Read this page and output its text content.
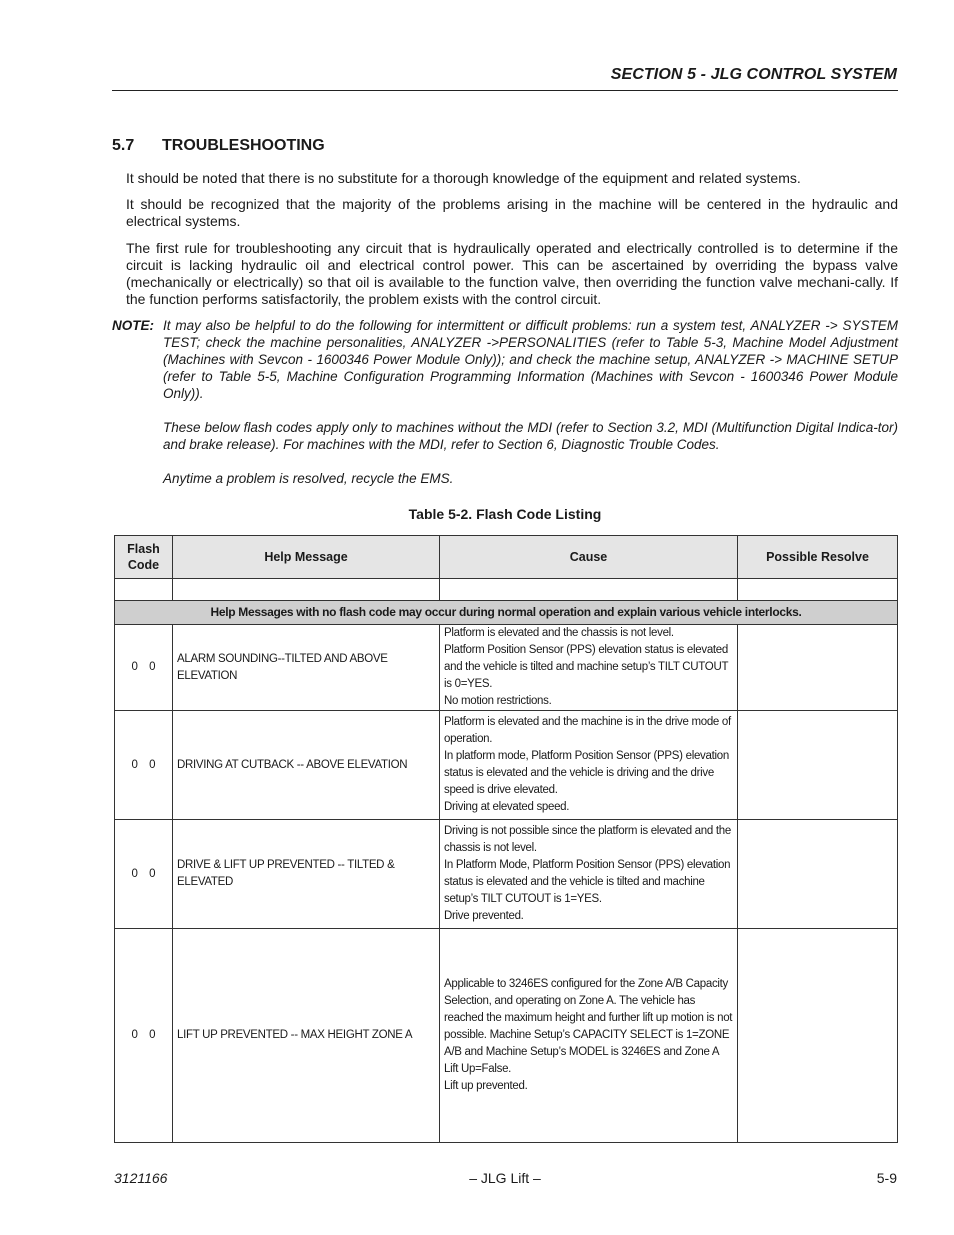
SECTION 5 - JLG CONTROL SYSTEM
5.7 TROUBLESHOOTING
It should be noted that there is no substitute for a thorough knowledge of the equipment and related systems.
It should be recognized that the majority of the problems arising in the machine will be centered in the hydraulic and electrical systems.
The first rule for troubleshooting any circuit that is hydraulically operated and electrically controlled is to determine if the circuit is lacking hydraulic oil and electrical control power. This can be ascertained by overriding the bypass valve (mechanically or electrically) so that oil is available to the function valve, then overriding the function valve mechani-cally. If the function performs satisfactorily, the problem exists with the control circuit.
NOTE: It may also be helpful to do the following for intermittent or difficult problems: run a system test, ANALYZER -> SYSTEM TEST; check the machine personalities, ANALYZER ->PERSONALITIES (refer to Table 5-3, Machine Model Adjustment (Machines with Sevcon - 1600346 Power Module Only)); and check the machine setup, ANALYZER -> MACHINE SETUP (refer to Table 5-5, Machine Configuration Programming Information (Machines with Sevcon - 1600346 Power Module Only)).

These below flash codes apply only to machines without the MDI (refer to Section 3.2, MDI (Multifunction Digital Indica-tor) and brake release). For machines with the MDI, refer to Section 6, Diagnostic Trouble Codes.

Anytime a problem is resolved, recycle the EMS.

Table 5-2. Flash Code Listing
Flash Code	Help Message	Cause	Possible Resolve

Help Messages with no flash code may occur during normal operation and explain various vehicle interlocks.			
0 0	ALARM SOUNDING--TILTED AND ABOVE ELEVATION	Platform is elevated and the chassis is not level.
Platform Position Sensor (PPS) elevation status is elevated and the vehicle is tilted and machine setup’s TILT CUTOUT is 0=YES.
No motion restrictions.	

0 0	DRIVING AT CUTBACK -- ABOVE ELEVATION	Platform is elevated and the machine is in the drive mode of operation.
In platform mode, Platform Position Sensor (PPS) elevation status is elevated and the vehicle is driving and the drive speed is drive elevated.
Driving at elevated speed.	

0 0	DRIVE & LIFT UP PREVENTED -- TILTED & ELEVATED	Driving is not possible since the platform is elevated and the chassis is not level.
In Platform Mode, Platform Position Sensor (PPS) elevation status is elevated and the vehicle is tilted and machine setup’s TILT CUTOUT is 1=YES.
Drive prevented.	

0 0	LIFT UP PREVENTED -- MAX HEIGHT ZONE A	Applicable to 3246ES configured for the Zone A/B Capacity Selection, and operating on Zone A. The vehicle has reached the maximum height and further lift up motion is not possible. Machine Setup’s CAPACITY SELECT is 1=ZONE A/B and Machine Setup’s MODEL is 3246ES and Zone A Lift Up=False.
Lift up prevented.	

3121166	– JLG Lift –	5-9
